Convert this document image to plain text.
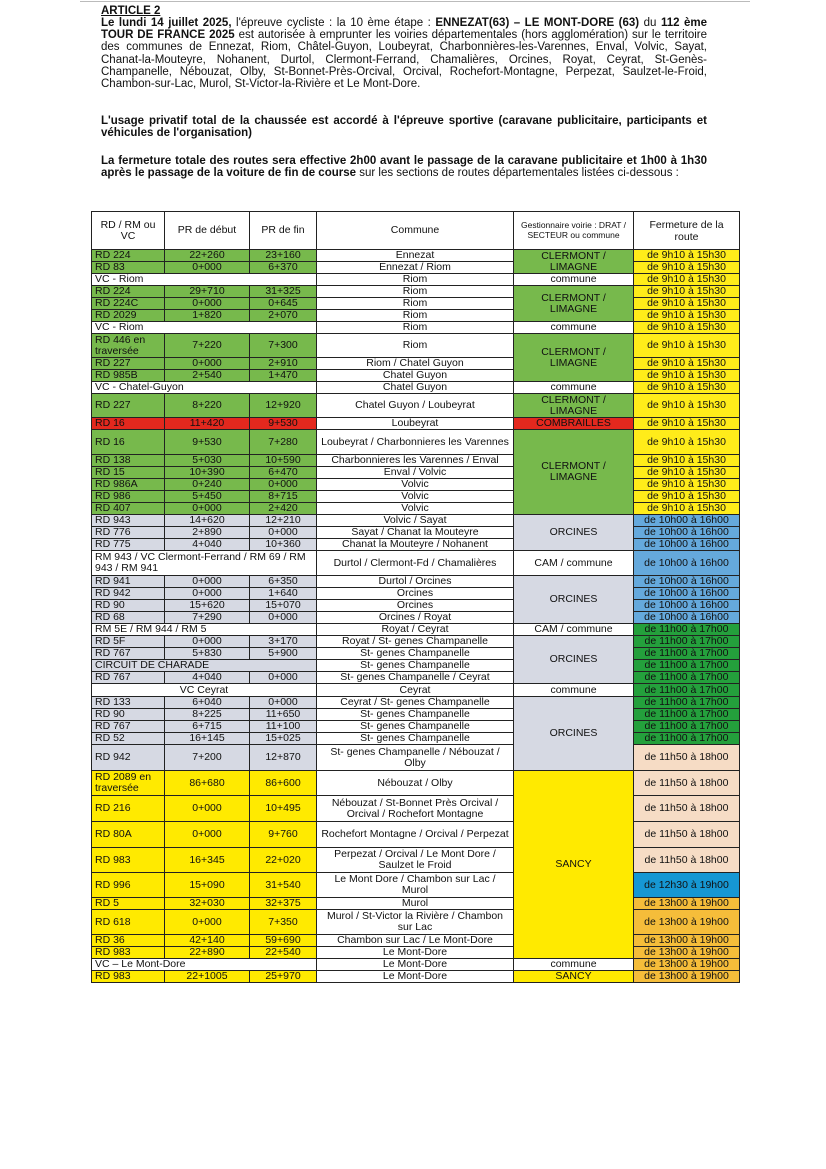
ARTICLE 2
Le lundi 14 juillet 2025, l'épreuve cycliste : la 10 ème étape : ENNEZAT(63) – LE MONT-DORE (63) du 112 ème TOUR DE FRANCE 2025 est autorisée à emprunter les voiries départementales (hors agglomération) sur le territoire des communes de Ennezat, Riom, Châtel-Guyon, Loubeyrat, Charbonnières-les-Varennes, Enval, Volvic, Sayat, Chanat-la-Mouteyre, Nohanent, Durtol, Clermont-Ferrand, Chamalières, Orcines, Royat, Ceyrat, St-Genès-Champanelle, Nébouzat, Olby, St-Bonnet-Près-Orcival, Orcival, Rochefort-Montagne, Perpezat, Saulzet-le-Froid, Chambon-sur-Lac, Murol, St-Victor-la-Rivière et Le Mont-Dore.
L'usage privatif total de la chaussée est accordé à l'épreuve sportive (caravane publicitaire, participants et véhicules de l'organisation)
La fermeture totale des routes sera effective 2h00 avant le passage de la caravane publicitaire et 1h00 à 1h30 après le passage de la voiture de fin de course sur les sections de routes départementales listées ci-dessous :
RD / RM ou VC	PR de début	PR de fin	Commune	Gestionnaire voirie : DRAT / SECTEUR ou commune	Fermeture de la route
RD 224	22+260	23+160	Ennezat	CLERMONT / LIMAGNE	de 9h10 à 15h30
RD 83	0+000	6+370	Ennezat / Riom		de 9h10 à 15h30
VC - Riom			Riom	commune	de 9h10 à 15h30
RD 224	29+710	31+325	Riom	CLERMONT / LIMAGNE	de 9h10 à 15h30
RD 224C	0+000	0+645	Riom		de 9h10 à 15h30
RD 2029	1+820	2+070	Riom		de 9h10 à 15h30
VC - Riom			Riom	commune	de 9h10 à 15h30
RD 446 en traversée	7+220	7+300	Riom	CLERMONT / LIMAGNE	de 9h10 à 15h30
RD 227	0+000	2+910	Riom / Chatel Guyon		de 9h10 à 15h30
RD 985B	2+540	1+470	Chatel Guyon		de 9h10 à 15h30
VC - Chatel-Guyon			Chatel Guyon	commune	de 9h10 à 15h30
RD 227	8+220	12+920	Chatel Guyon / Loubeyrat	CLERMONT / LIMAGNE	de 9h10 à 15h30
RD 16	11+420	9+530	Loubeyrat	COMBRAILLES	de 9h10 à 15h30
RD 16	9+530	7+280	Loubeyrat / Charbonnieres les Varennes	CLERMONT / LIMAGNE	de 9h10 à 15h30
RD 138	5+030	10+590	Charbonnieres les Varennes / Enval		de 9h10 à 15h30
RD 15	10+390	6+470	Enval / Volvic		de 9h10 à 15h30
RD 986A	0+240	0+000	Volvic		de 9h10 à 15h30
RD 986	5+450	8+715	Volvic		de 9h10 à 15h30
RD 407	0+000	2+420	Volvic		de 9h10 à 15h30
RD 943	14+620	12+210	Volvic / Sayat	ORCINES	de 10h00 à 16h00
RD 776	2+890	0+000	Sayat / Chanat la Mouteyre		de 10h00 à 16h00
RD 775	4+040	10+360	Chanat la Mouteyre / Nohanent		de 10h00 à 16h00
RM 943 / VC Clermont-Ferrand / RM 69 / RM 943 / RM 941			Durtol / Clermont-Fd / Chamalières	CAM / commune	de 10h00 à 16h00
RD 941	0+000	6+350	Durtol / Orcines	ORCINES	de 10h00 à 16h00
RD 942	0+000	1+640	Orcines		de 10h00 à 16h00
RD 90	15+620	15+070	Orcines		de 10h00 à 16h00
RD 68	7+290	0+000	Orcines / Royat		de 10h00 à 16h00
RM 5E / RM 944 / RM 5			Royat / Ceyrat	CAM / commune	de 11h00 à 17h00
RD 5F	0+000	3+170	Royat / St- genes Champanelle	ORCINES	de 11h00 à 17h00
RD 767	5+830	5+900	St- genes Champanelle		de 11h00 à 17h00
CIRCUIT DE CHARADE			St- genes Champanelle		de 11h00 à 17h00
RD 767	4+040	0+000	St- genes Champanelle / Ceyrat		de 11h00 à 17h00
VC Ceyrat			Ceyrat	commune	de 11h00 à 17h00
RD 133	6+040	0+000	Ceyrat / St- genes Champanelle	ORCINES	de 11h00 à 17h00
RD 90	8+225	11+650	St- genes Champanelle		de 11h00 à 17h00
RD 767	6+715	11+100	St- genes Champanelle		de 11h00 à 17h00
RD 52	16+145	15+025	St- genes Champanelle		de 11h00 à 17h00
RD 942	7+200	12+870	St- genes Champanelle / Nébouzat / Olby		de 11h50 à 18h00
RD 2089 en traversée	86+680	86+600	Nébouzat / Olby	SANCY	de 11h50 à 18h00
RD 216	0+000	10+495	Nébouzat / St-Bonnet Près Orcival / Orcival / Rochefort Montagne		de 11h50 à 18h00
RD 80A	0+000	9+760	Rochefort Montagne / Orcival / Perpezat		de 11h50 à 18h00
RD 983	16+345	22+020	Perpezat / Orcival / Le Mont Dore / Saulzet le Froid		de 11h50 à 18h00
RD 996	15+090	31+540	Le Mont Dore / Chambon sur Lac / Murol		de 12h30 à 19h00
RD 5	32+030	32+375	Murol		de 13h00 à 19h00
RD 618	0+000	7+350	Murol / St-Victor la Rivière / Chambon sur Lac		de 13h00 à 19h00
RD 36	42+140	59+690	Chambon sur Lac / Le Mont-Dore		de 13h00 à 19h00
RD 983	22+890	22+540	Le Mont-Dore		de 13h00 à 19h00
VC – Le Mont-Dore			Le Mont-Dore	commune	de 13h00 à 19h00
RD 983	22+1005	25+970	Le Mont-Dore	SANCY	de 13h00 à 19h00
